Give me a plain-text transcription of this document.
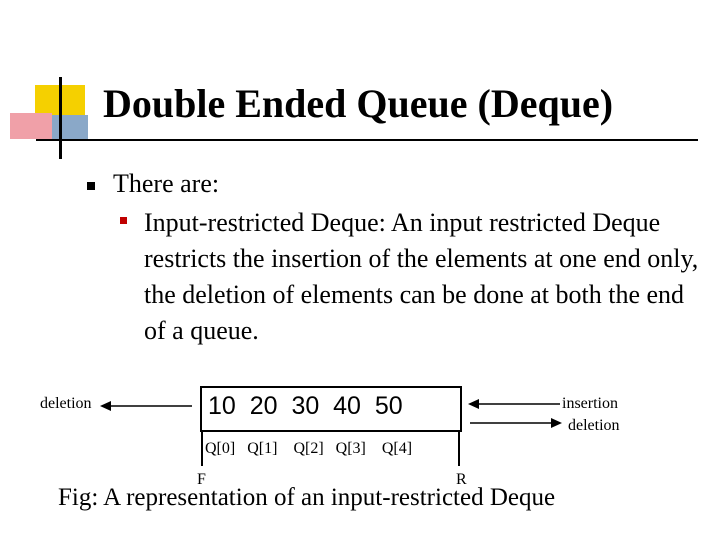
Double Ended Queue (Deque)
There are:
Input-restricted Deque: An input restricted Deque restricts the insertion of the elements at one end only, the deletion of elements can be done at both the end of a queue.
deletion	10 20 30 40 50	insertion
deletion
Q[0] Q[1] Q[2] Q[3] Q[4]
F	R
Fig: A representation of an input-restricted Deque
